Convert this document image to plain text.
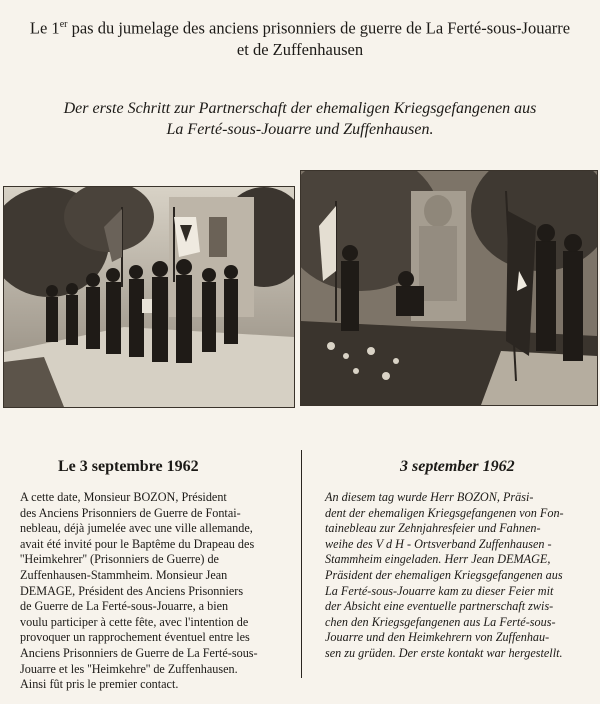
Le 1er pas du jumelage des anciens prisonniers de guerre de La Ferté-sous-Jouarre
et de Zuffenhausen
Der erste Schritt zur Partnerschaft der ehemaligen Kriegsgefangenen aus
La Ferté-sous-Jouarre und Zuffenhausen.
Le 3 septembre 1962	3 september 1962
A cette date, Monsieur BOZON, Président
des Anciens Prisonniers de Guerre de Fontai-
nebleau, déjà jumelée avec une ville allemande,
avait été invité pour le Baptême du Drapeau des
''Heimkehrer'' (Prisonniers de Guerre) de
Zuffenhausen-Stammheim. Monsieur Jean
DEMAGE, Président des Anciens Prisonniers
de Guerre de La Ferté-sous-Jouarre, a bien
voulu participer à cette fête, avec l'intention de
provoquer un rapprochement éventuel entre les
Anciens Prisonniers de Guerre de La Ferté-sous-
Jouarre et les ''Heimkehre'' de Zuffenhausen.
Ainsi fût pris le premier contact.
An diesem tag wurde Herr BOZON, Präsi-
dent der ehemaligen Kriegsgefangenen von Fon-
tainebleau zur Zehnjahresfeier und Fahnen-
weihe des V d H - Ortsverband Zuffenhausen -
Stammheim eingeladen. Herr Jean DEMAGE,
Präsident der ehemaligen Kriegsgefangenen aus
La Ferté-sous-Jouarre kam zu dieser Feier mit
der Absicht eine eventuelle partnerschaft zwis-
chen den Kriegsgefangenen aus La Ferté-sous-
Jouarre und den Heimkehrern von Zuffenhau-
sen zu grüden. Der erste kontakt war hergestellt.
